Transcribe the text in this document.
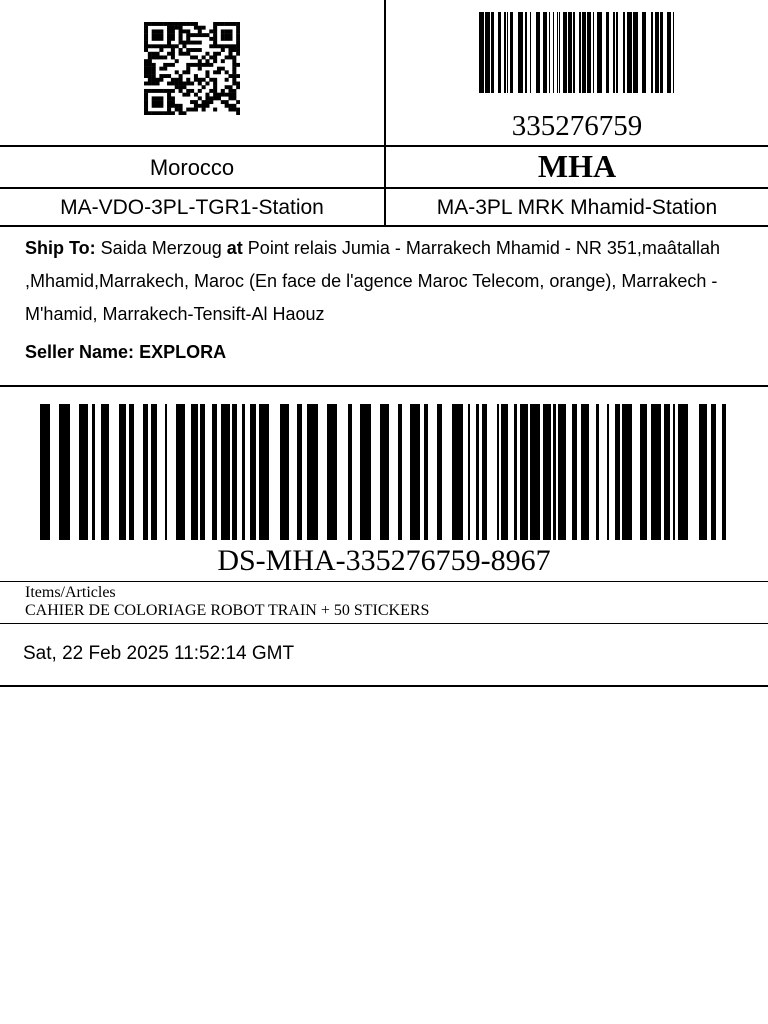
335276759
Morocco	MHA
MA-VDO-3PL-TGR1-Station	MA-3PL MRK Mhamid-Station
Ship To: Saida Merzoug at Point relais Jumia - Marrakech Mhamid - NR 351,maâtallah ,Mhamid,Marrakech, Maroc (En face de l'agence Maroc Telecom, orange), Marrakech - M'hamid, Marrakech-Tensift-Al Haouz
Seller Name: EXPLORA
DS-MHA-335276759-8967
Items/Articles
CAHIER DE COLORIAGE ROBOT TRAIN + 50 STICKERS
Sat, 22 Feb 2025 11:52:14 GMT
